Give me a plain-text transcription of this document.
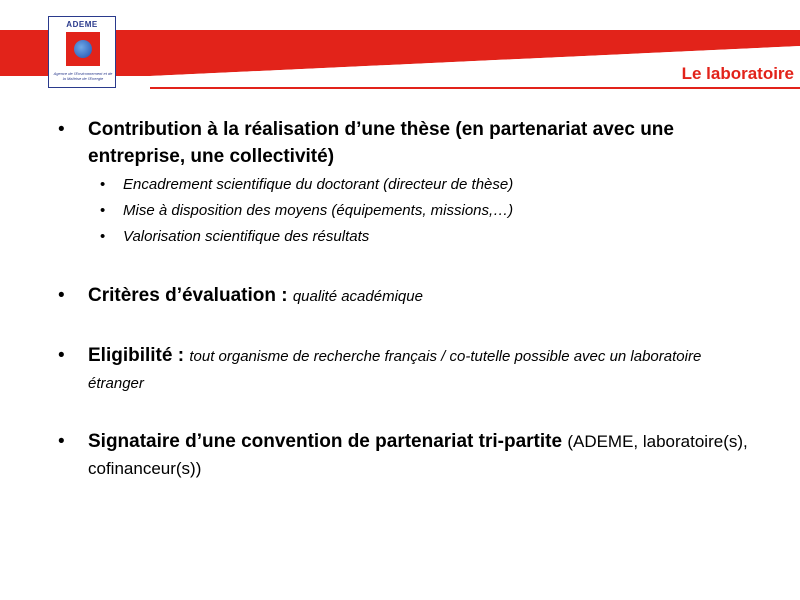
ADEME
Agence de l'Environnement et de la Maîtrise de l'Energie	Le laboratoire
• Contribution à la réalisation d’une thèse (en partenariat avec une entreprise, une collectivité)
• Encadrement scientifique du doctorant (directeur de thèse)
• Mise à disposition des moyens (équipements, missions,…)
• Valorisation scientifique des résultats
• Critères d’évaluation : qualité académique
• Eligibilité : tout organisme de recherche français / co-tutelle possible avec un laboratoire étranger
• Signataire d’une convention de partenariat tri-partite (ADEME, laboratoire(s), cofinanceur(s))
